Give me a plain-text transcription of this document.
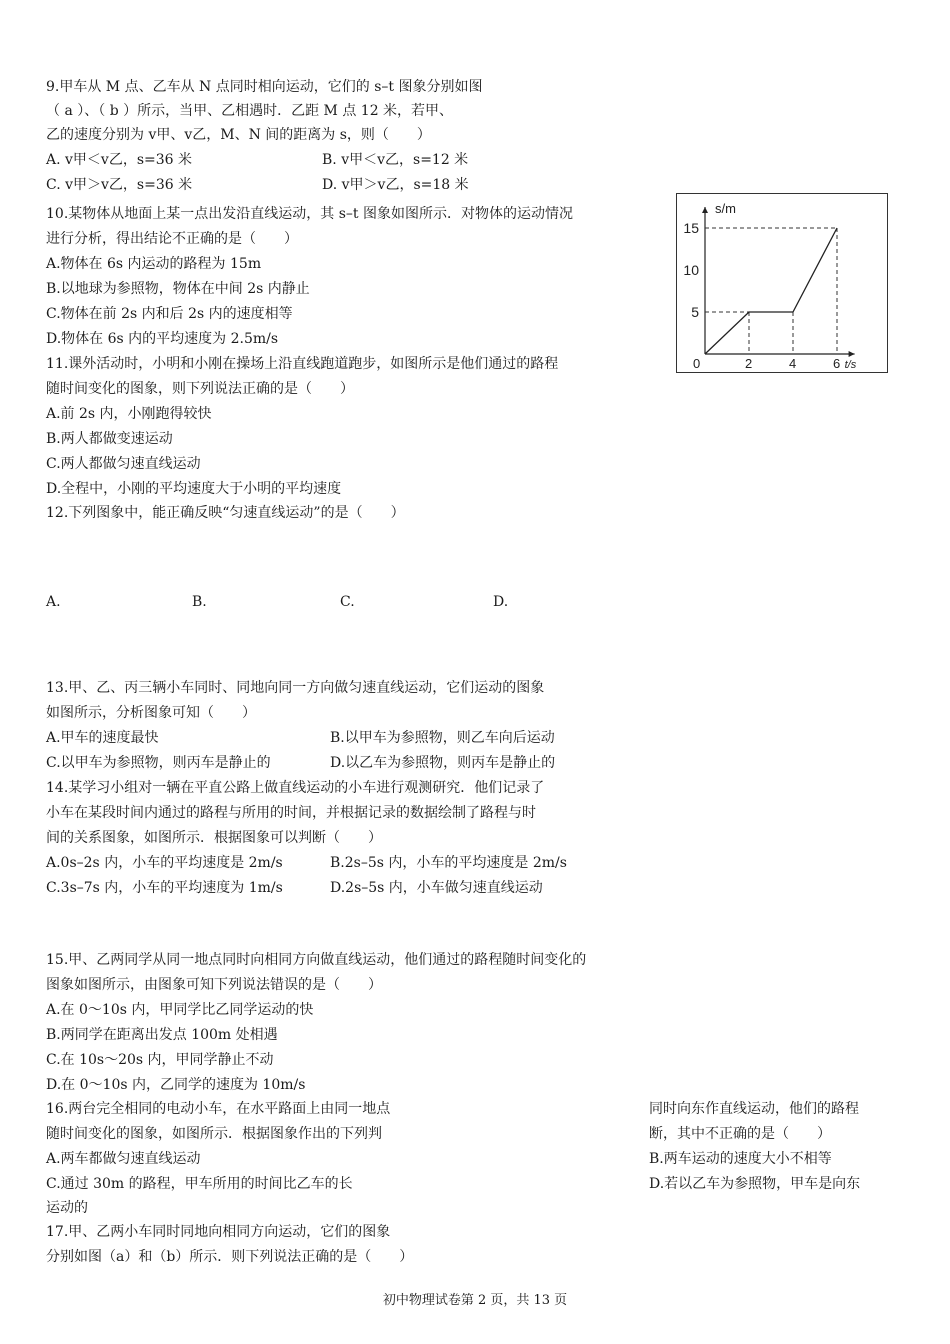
9.甲车从 M 点、乙车从 N 点同时相向运动，它们的 s–t 图象分别如图
（ a ）、（ b ）所示，当甲、乙相遇时．乙距 M 点 12 米，若甲、
乙的速度分别为 v甲、v乙，M、N 间的距离为 s，则（　　）
A. v甲＜v乙，s=36 米	B. v甲＜v乙，s=12 米
C. v甲＞v乙，s=36 米	D. v甲＞v乙，s=18 米
10.某物体从地面上某一点出发沿直线运动，其 s–t 图象如图所示．对物体的运动情况
进行分析，得出结论不正确的是（　　）
A.物体在 6s 内运动的路程为 15m
B.以地球为参照物，物体在中间 2s 内静止
C.物体在前 2s 内和后 2s 内的速度相等
D.物体在 6s 内的平均速度为 2.5m/s
s/m
t/s
0	2	4	6
5
10
15
11.课外活动时，小明和小刚在操场上沿直线跑道跑步，如图所示是他们通过的路程
随时间变化的图象，则下列说法正确的是（　　）
A.前 2s 内，小刚跑得较快
B.两人都做变速运动
C.两人都做匀速直线运动
D.全程中，小刚的平均速度大于小明的平均速度
12.下列图象中，能正确反映“匀速直线运动”的是（　　）
A.	B.	C.	D.
13.甲、乙、丙三辆小车同时、同地向同一方向做匀速直线运动，它们运动的图象
如图所示，分析图象可知（　　）
A.甲车的速度最快	B.以甲车为参照物，则乙车向后运动
C.以甲车为参照物，则丙车是静止的	D.以乙车为参照物，则丙车是静止的
14.某学习小组对一辆在平直公路上做直线运动的小车进行观测研究．他们记录了
小车在某段时间内通过的路程与所用的时间，并根据记录的数据绘制了路程与时
间的关系图象，如图所示．根据图象可以判断（　　）
A.0s–2s 内，小车的平均速度是 2m/s	B.2s–5s 内，小车的平均速度是 2m/s
C.3s–7s 内，小车的平均速度为 1m/s	D.2s–5s 内，小车做匀速直线运动
15.甲、乙两同学从同一地点同时向相同方向做直线运动，他们通过的路程随时间变化的
图象如图所示，由图象可知下列说法错误的是（　　）
A.在 0～10s 内，甲同学比乙同学运动的快
B.两同学在距离出发点 100m 处相遇
C.在 10s～20s 内，甲同学静止不动
D.在 0～10s 内，乙同学的速度为 10m/s
16.两台完全相同的电动小车，在水平路面上由同一地点	同时向东作直线运动，他们的路程
随时间变化的图象，如图所示．根据图象作出的下列判	断，其中不正确的是（　　）
A.两车都做匀速直线运动	B.两车运动的速度大小不相等
C.通过 30m 的路程，甲车所用的时间比乙车的长	D.若以乙车为参照物，甲车是向东
运动的
17.甲、乙两小车同时同地向相同方向运动，它们的图象
分别如图（a）和（b）所示．则下列说法正确的是（　　）
初中物理试卷第 2 页，共 13 页
